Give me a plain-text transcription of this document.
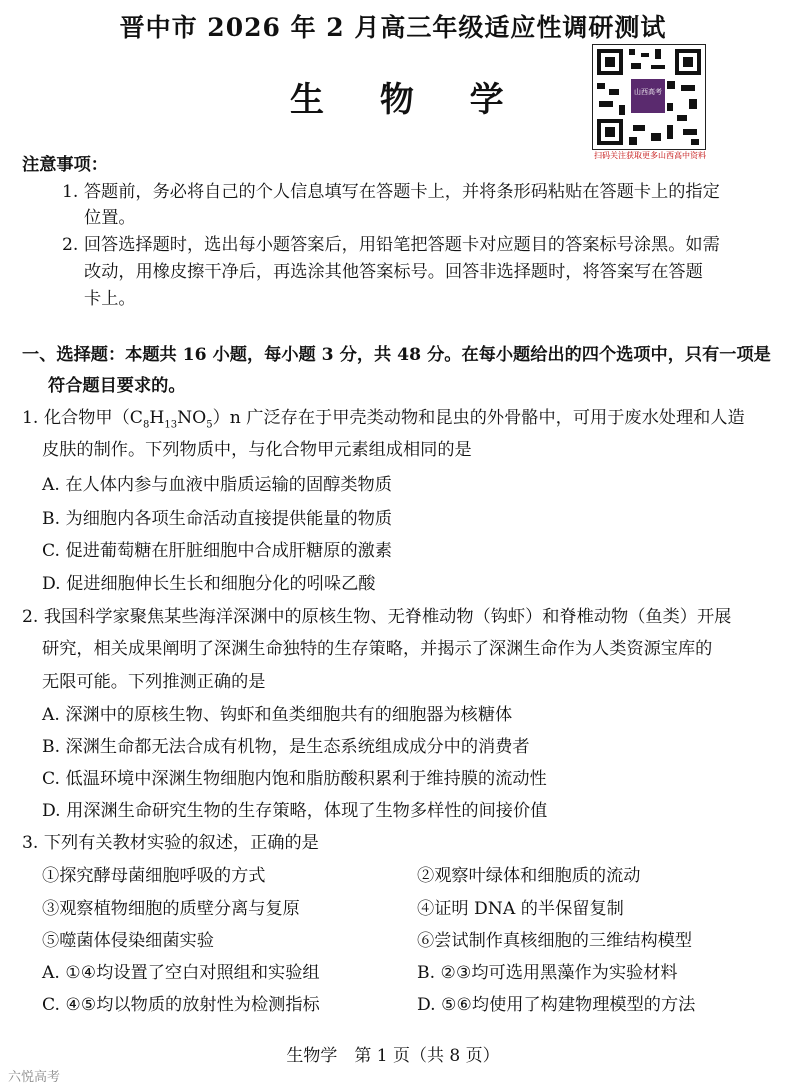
晋中市 2026 年 2 月高三年级适应性调研测试
生 物 学	山西高考
扫码关注获取更多山西高中资料
注意事项：
1. 答题前，务必将自己的个人信息填写在答题卡上，并将条形码粘贴在答题卡上的指定
位置。
2. 回答选择题时，选出每小题答案后，用铅笔把答题卡对应题目的答案标号涂黑。如需
改动，用橡皮擦干净后，再选涂其他答案标号。回答非选择题时，将答案写在答题
卡上。
一、选择题：本题共 16 小题，每小题 3 分，共 48 分。在每小题给出的四个选项中，只有一项是
符合题目要求的。
1. 化合物甲$(C_8H_{13}NO_5)n$ 广泛存在于甲壳类动物和昆虫的外骨骼中，可用于废水处理和人造
皮肤的制作。下列物质中，与化合物甲元素组成相同的是
A. 在人体内参与血液中脂质运输的固醇类物质
B. 为细胞内各项生命活动直接提供能量的物质
C. 促进葡萄糖在肝脏细胞中合成肝糖原的激素
D. 促进细胞伸长生长和细胞分化的吲哚乙酸
2. 我国科学家聚焦某些海洋深渊中的原核生物、无脊椎动物（钩虾）和脊椎动物（鱼类）开展
研究，相关成果阐明了深渊生命独特的生存策略，并揭示了深渊生命作为人类资源宝库的
无限可能。下列推测正确的是
A. 深渊中的原核生物、钩虾和鱼类细胞共有的细胞器为核糖体
B. 深渊生命都无法合成有机物，是生态系统组成成分中的消费者
C. 低温环境中深渊生物细胞内饱和脂肪酸积累利于维持膜的流动性
D. 用深渊生命研究生物的生存策略，体现了生物多样性的间接价值
3. 下列有关教材实验的叙述，正确的是
①探究酵母菌细胞呼吸的方式	②观察叶绿体和细胞质的流动
③观察植物细胞的质壁分离与复原	④证明 DNA 的半保留复制
⑤噬菌体侵染细菌实验	⑥尝试制作真核细胞的三维结构模型
A. ①④均设置了空白对照组和实验组	B. ②③均可选用黑藻作为实验材料
C. ④⑤均以物质的放射性为检测指标	D. ⑤⑥均使用了构建物理模型的方法
生物学　第 1 页（共 8 页）
六悦高考
